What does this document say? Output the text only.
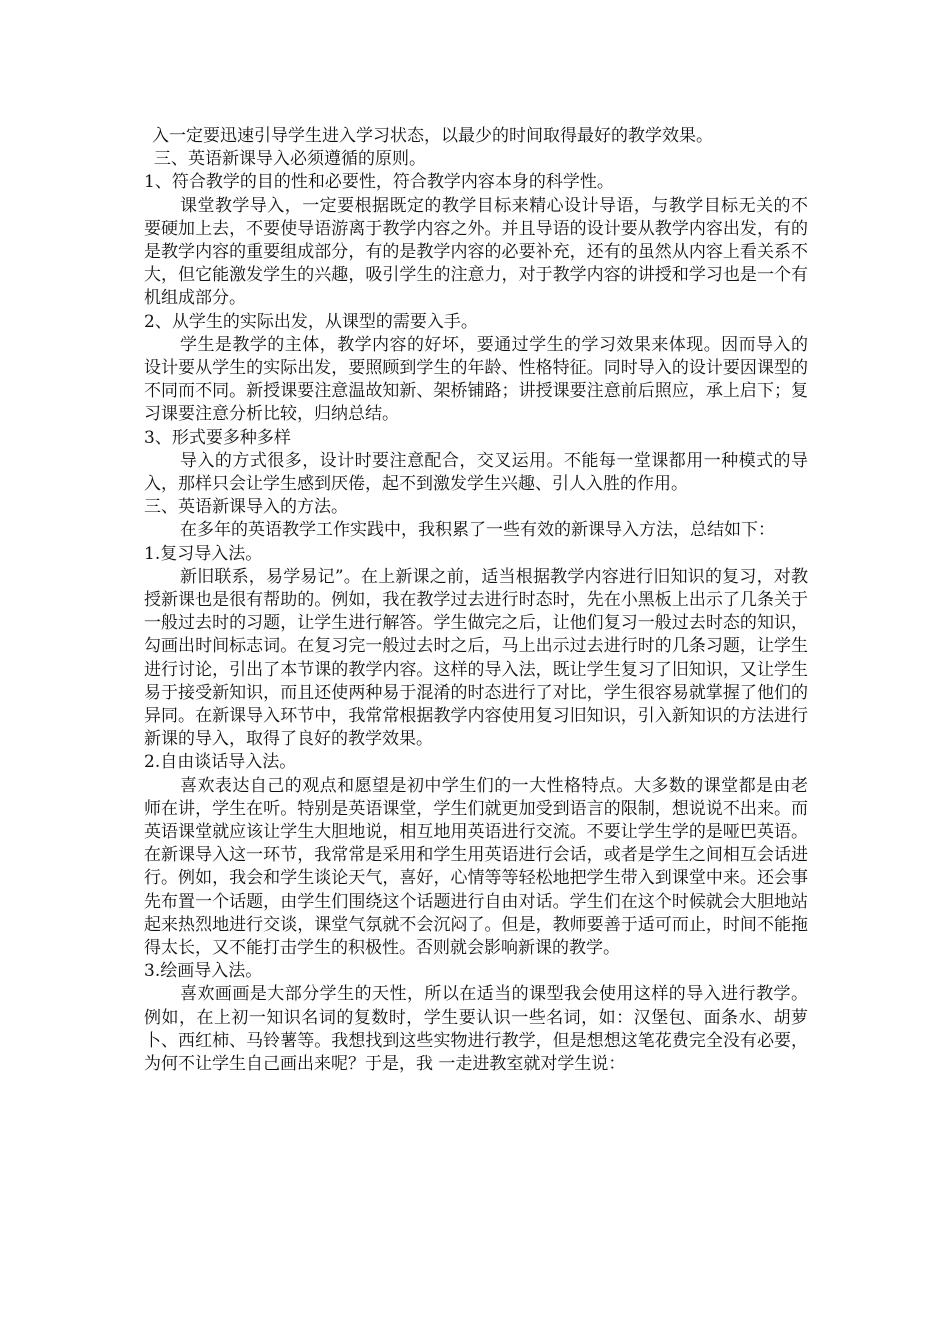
入一定要迅速引导学生进入学习状态，以最少的时间取得最好的教学效果。
三、英语新课导入必须遵循的原则。
1、符合教学的目的性和必要性，符合教学内容本身的科学性。
课堂教学导入，一定要根据既定的教学目标来精心设计导语，与教学目标无关的不要硬加上去，不要使导语游离于教学内容之外。并且导语的设计要从教学内容出发，有的是教学内容的重要组成部分，有的是教学内容的必要补充，还有的虽然从内容上看关系不大，但它能激发学生的兴趣，吸引学生的注意力，对于教学内容的讲授和学习也是一个有机组成部分。
2、从学生的实际出发，从课型的需要入手。
学生是教学的主体，教学内容的好坏，要通过学生的学习效果来体现。因而导入的设计要从学生的实际出发，要照顾到学生的年龄、性格特征。同时导入的设计要因课型的不同而不同。新授课要注意温故知新、架桥铺路；讲授课要注意前后照应，承上启下；复习课要注意分析比较，归纳总结。
3、形式要多种多样
导入的方式很多，设计时要注意配合，交叉运用。不能每一堂课都用一种模式的导入，那样只会让学生感到厌倦，起不到激发学生兴趣、引人入胜的作用。
三、英语新课导入的方法。
在多年的英语教学工作实践中，我积累了一些有效的新课导入方法，总结如下：
1.复习导入法。
新旧联系，易学易记”。在上新课之前，适当根据教学内容进行旧知识的复习，对教授新课也是很有帮助的。例如，我在教学过去进行时态时，先在小黑板上出示了几条关于一般过去时的习题，让学生进行解答。学生做完之后，让他们复习一般过去时态的知识，勾画出时间标志词。在复习完一般过去时之后，马上出示过去进行时的几条习题，让学生进行讨论，引出了本节课的教学内容。这样的导入法，既让学生复习了旧知识，又让学生易于接受新知识，而且还使两种易于混淆的时态进行了对比，学生很容易就掌握了他们的异同。在新课导入环节中，我常常根据教学内容使用复习旧知识，引入新知识的方法进行新课的导入，取得了良好的教学效果。
2.自由谈话导入法。
喜欢表达自己的观点和愿望是初中学生们的一大性格特点。大多数的课堂都是由老师在讲，学生在听。特别是英语课堂，学生们就更加受到语言的限制，想说说不出来。而英语课堂就应该让学生大胆地说，相互地用英语进行交流。不要让学生学的是哑巴英语。在新课导入这一环节，我常常是采用和学生用英语进行会话，或者是学生之间相互会话进行。例如，我会和学生谈论天气，喜好，心情等等轻松地把学生带入到课堂中来。还会事先布置一个话题，由学生们围绕这个话题进行自由对话。学生们在这个时候就会大胆地站起来热烈地进行交谈，课堂气氛就不会沉闷了。但是，教师要善于适可而止，时间不能拖得太长，又不能打击学生的积极性。否则就会影响新课的教学。
3.绘画导入法。
喜欢画画是大部分学生的天性，所以在适当的课型我会使用这样的导入进行教学。例如，在上初一知识名词的复数时，学生要认识一些名词，如：汉堡包、面条水、胡萝卜、西红柿、马铃薯等。我想找到这些实物进行教学，但是想想这笔花费完全没有必要，为何不让学生自己画出来呢？于是，我 一走进教室就对学生说：
